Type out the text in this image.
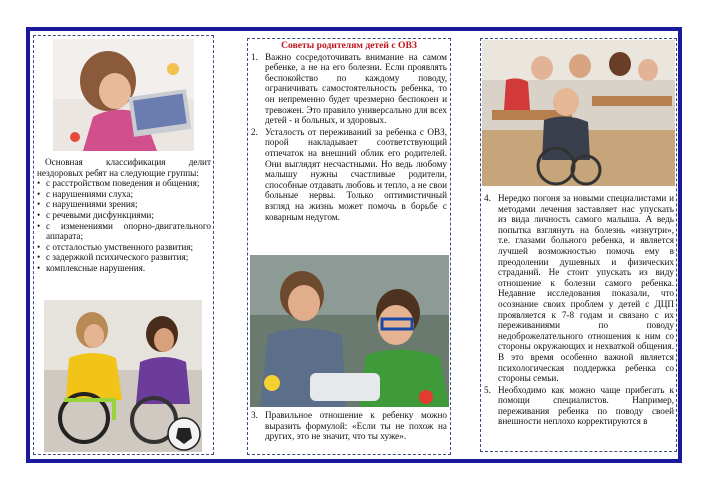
Основная классификация делит нездоровых ребят на следующие группы:
• с расстройством поведения и общения;
• с нарушениями слуха;
• с нарушениями зрения;
• с речевыми дисфункциями;
• с изменениями опорно-двигательного аппарата;
• с отсталостью умственного развития;
• с задержкой психического развития;
• комплексные нарушения.
Советы родителям детей с ОВЗ
1. Важно сосредоточивать внимание на самом ребенке, а не на его болезни. Если проявлять беспокойство по каждому поводу, ограничивать самостоятельность ребенка, то он непременно будет чрезмерно беспокоен и тревожен. Это правило универсально для всех детей - и больных, и здоровых.
2. Усталость от переживаний за ребенка с ОВЗ, порой накладывает соответствующий отпечаток на внешний облик его родителей. Они выглядят несчастными. Но ведь любому малышу нужны счастливые родители, способные отдавать любовь и тепло, а не свои больные нервы. Только оптимистичный взгляд на жизнь может помочь в борьбе с коварным недугом.
3. Правильное отношение к ребенку можно выразить формулой: «Если ты не похож на других, это не значит, что ты хуже».
4. Нередко погоня за новыми специалистами и методами лечения заставляет нас упускать из вида личность самого малыша. А ведь попытка взглянуть на болезнь «изнутри», т.е. глазами больного ребенка, и является лучшей возможностью помочь ему в преодолении душевных и физических страданий. Не стоит упускать из виду отношение к болезни самого ребенка. Недавние исследования показали, что осознание своих проблем у детей с ДЦП проявляется к 7-8 годам и связано с их переживаниями по поводу недоброжелательного отношения к ним со стороны окружающих и нехваткой общения. В это время особенно важной является психологическая поддержка ребенка со стороны семьи.
5. Необходимо как можно чаще прибегать к помощи специалистов. Например, переживания ребенка по поводу своей внешности неплохо корректируются в
